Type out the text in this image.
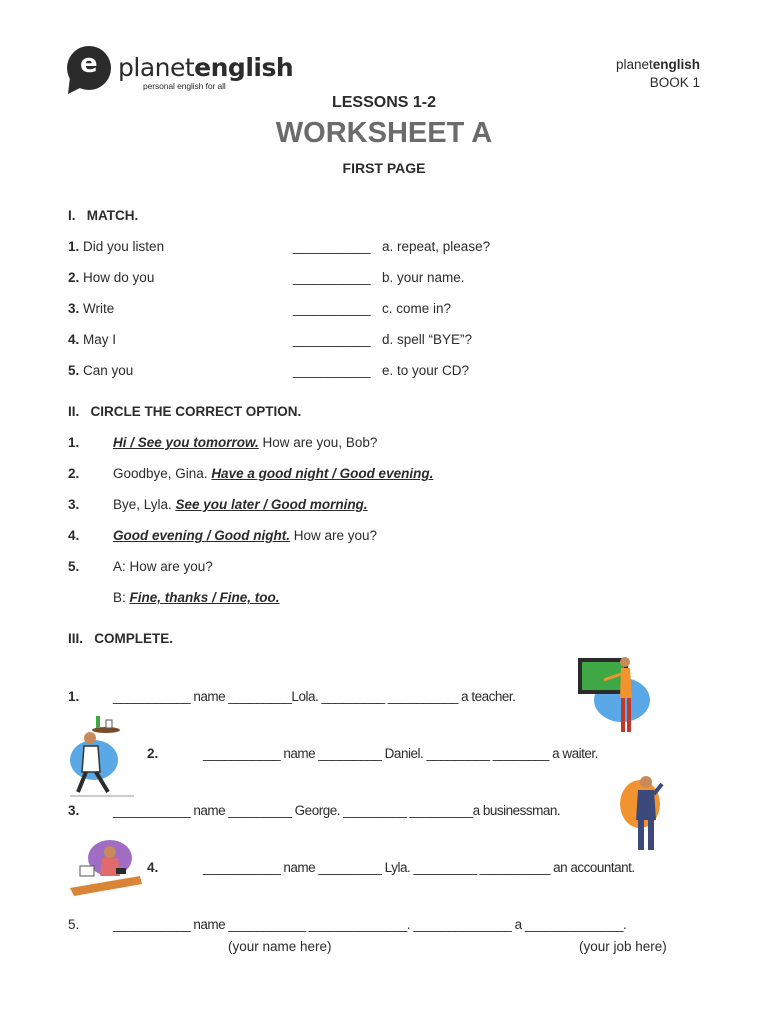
e planetenglish
personal english for all
planetenglish
BOOK 1
LESSONS 1-2
WORKSHEET A
FIRST PAGE
I.   MATCH.
1. Did you listen	___________ a. repeat, please?
2. How do you	___________ b. your name.
3. Write	___________ c. come in?
4. May I	___________ d. spell “BYE”?
5. Can you	___________ e. to your CD?
II.   CIRCLE THE CORRECT OPTION.
1. Hi / See you tomorrow. How are you, Bob?
2. Goodbye, Gina. Have a good night / Good evening.
3. Bye, Lyla. See you later / Good morning.
4. Good evening / Good night. How are you?
5. A: How are you?
B: Fine, thanks / Fine, too.
III.   COMPLETE.
1. ___________ name _________Lola. _________ __________ a teacher.
2.	___________ name _________ Daniel. _________ ________ a waiter.
3. ___________ name _________ George. _________ _________a businessman.
4.	___________ name _________ Lyla. _________ __________ an accountant.
5. ___________ name ___________ ______________. ______________ a ______________.
(your name here)	(your job here)
